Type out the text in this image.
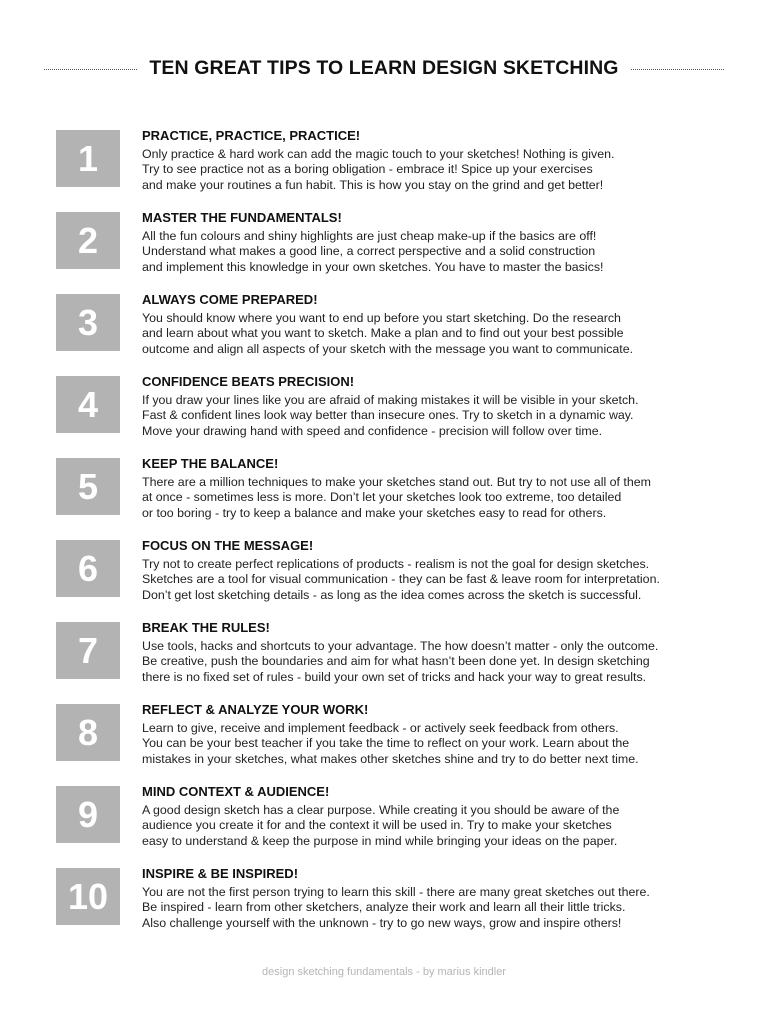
TEN GREAT TIPS TO LEARN DESIGN SKETCHING
1
PRACTICE, PRACTICE, PRACTICE!
Only practice & hard work can add the magic touch to your sketches! Nothing is given.
Try to see practice not as a boring obligation - embrace it! Spice up your exercises
and make your routines a fun habit. This is how you stay on the grind and get better!
2
MASTER THE FUNDAMENTALS!
All the fun colours and shiny highlights are just cheap make-up if the basics are off!
Understand what makes a good line, a correct perspective and a solid construction
and implement this knowledge in your own sketches. You have to master the basics!
3
ALWAYS COME PREPARED!
You should know where you want to end up before you start sketching. Do the research
and learn about what you want to sketch. Make a plan and to find out your best possible
outcome and align all aspects of your sketch with the message you want to communicate.
4
CONFIDENCE BEATS PRECISION!
If you draw your lines like you are afraid of making mistakes it will be visible in your sketch.
Fast & confident lines look way better than insecure ones. Try to sketch in a dynamic way.
Move your drawing hand with speed and confidence - precision will follow over time.
5
KEEP THE BALANCE!
There are a million techniques to make your sketches stand out. But try to not use all of them
at once - sometimes less is more. Don’t let your sketches look too extreme, too detailed
or too boring - try to keep a balance and make your sketches easy to read for others.
6
FOCUS ON THE MESSAGE!
Try not to create perfect replications of products - realism is not the goal for design sketches.
Sketches are a tool for visual communication - they can be fast & leave room for interpretation.
Don’t get lost sketching details - as long as the idea comes across the sketch is successful.
7
BREAK THE RULES!
Use tools, hacks and shortcuts to your advantage. The how doesn’t matter - only the outcome.
Be creative, push the boundaries and aim for what hasn’t been done yet. In design sketching
there is no fixed set of rules - build your own set of tricks and hack your way to great results.
8
REFLECT & ANALYZE YOUR WORK!
Learn to give, receive and implement feedback - or actively seek feedback from others.
You can be your best teacher if you take the time to reflect on your work. Learn about the
mistakes in your sketches, what makes other sketches shine and try to do better next time.
9
MIND CONTEXT & AUDIENCE!
A good design sketch has a clear purpose. While creating it you should be aware of the
audience you create it for and the context it will be used in. Try to make your sketches
easy to understand & keep the purpose in mind while bringing your ideas on the paper.
10
INSPIRE & BE INSPIRED!
You are not the first person trying to learn this skill - there are many great sketches out there.
Be inspired - learn from other sketchers, analyze their work and learn all their little tricks.
Also challenge yourself with the unknown - try to go new ways, grow and inspire others!
design sketching fundamentals - by marius kindler
